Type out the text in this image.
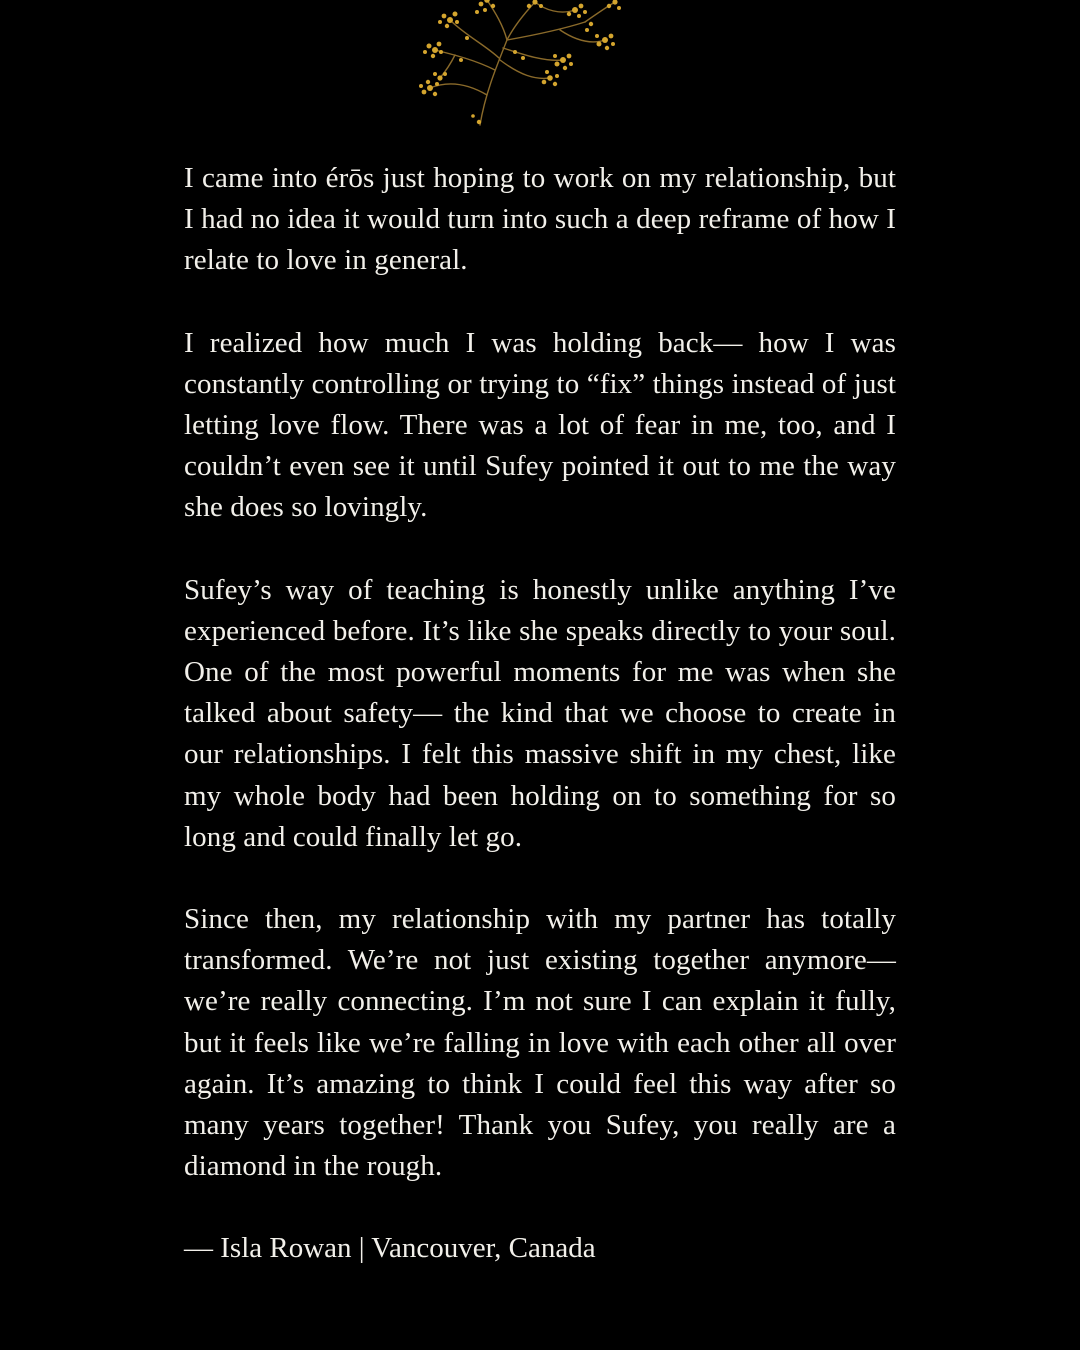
I came into érōs just hoping to work on my relationship, but I had no idea it would turn into such a deep reframe of how I relate to love in general.

I realized how much I was holding back— how I was constantly controlling or trying to “fix” things instead of just letting love flow. There was a lot of fear in me, too, and I couldn’t even see it until Sufey pointed it out to me the way she does so lovingly.

Sufey’s way of teaching is honestly unlike anything I’ve experienced before. It’s like she speaks directly to your soul. One of the most powerful moments for me was when she talked about safety— the kind that we choose to create in our relationships. I felt this massive shift in my chest, like my whole body had been holding on to something for so long and could finally let go.

Since then, my relationship with my partner has totally transformed. We’re not just existing together anymore— we’re really connecting. I’m not sure I can explain it fully, but it feels like we’re falling in love with each other all over again. It’s amazing to think I could feel this way after so many years together! Thank you Sufey, you really are a diamond in the rough.

— Isla Rowan | Vancouver, Canada
